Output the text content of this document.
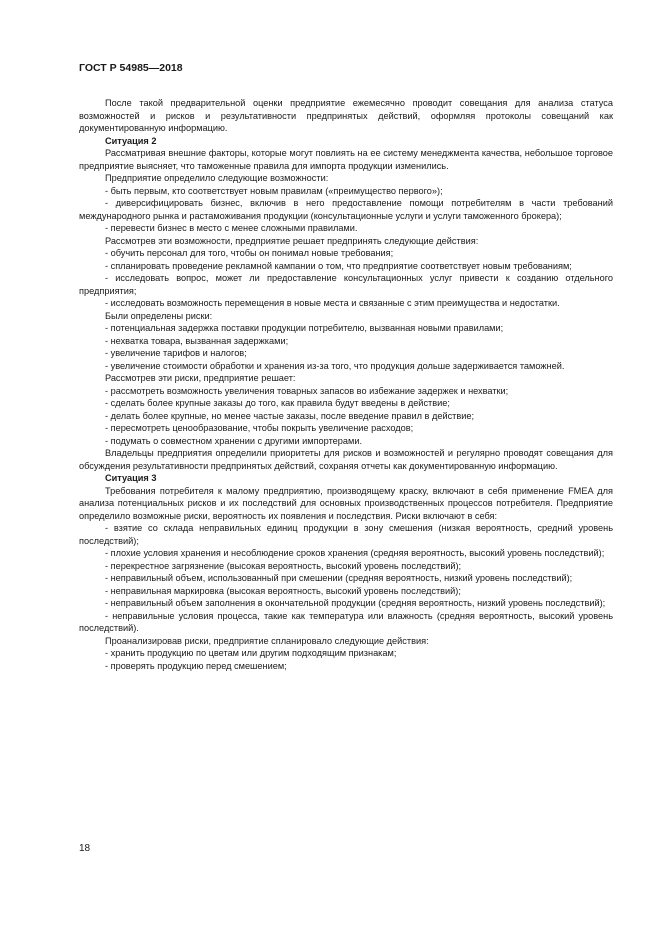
ГОСТ Р 54985—2018

После такой предварительной оценки предприятие ежемесячно проводит совещания для анализа статуса возможностей и рисков и результативности предпринятых действий, оформляя протоколы совещаний как документированную информацию.

Ситуация 2

Рассматривая внешние факторы, которые могут повлиять на ее систему менеджмента качества, небольшое торговое предприятие выясняет, что таможенные правила для импорта продукции изменились.

Предприятие определило следующие возможности:

- быть первым, кто соответствует новым правилам («преимущество первого»);

- диверсифицировать бизнес, включив в него предоставление помощи потребителям в части требований международного рынка и растаможивания продукции (консультационные услуги и услуги таможенного брокера);

- перевести бизнес в место с менее сложными правилами.

Рассмотрев эти возможности, предприятие решает предпринять следующие действия:

- обучить персонал для того, чтобы он понимал новые требования;

- спланировать проведение рекламной кампании о том, что предприятие соответствует новым требованиям;

- исследовать вопрос, может ли предоставление консультационных услуг привести к созданию отдельного предприятия;

- исследовать возможность перемещения в новые места и связанные с этим преимущества и недостатки.

Были определены риски:

- потенциальная задержка поставки продукции потребителю, вызванная новыми правилами;

- нехватка товара, вызванная задержками;

- увеличение тарифов и налогов;

- увеличение стоимости обработки и хранения из-за того, что продукция дольше задерживается таможней.

Рассмотрев эти риски, предприятие решает:

- рассмотреть возможность увеличения товарных запасов во избежание задержек и нехватки;

- сделать более крупные заказы до того, как правила будут введены в действие;

- делать более крупные, но менее частые заказы, после введение правил в действие;

- пересмотреть ценообразование, чтобы покрыть увеличение расходов;

- подумать о совместном хранении с другими импортерами.

Владельцы предприятия определили приоритеты для рисков и возможностей и регулярно проводят совещания для обсуждения результативности предпринятых действий, сохраняя отчеты как документированную информацию.

Ситуация 3

Требования потребителя к малому предприятию, производящему краску, включают в себя применение FMEA для анализа потенциальных рисков и их последствий для основных производственных процессов потребителя. Предприятие определило возможные риски, вероятность их появления и последствия. Риски включают в себя:

- взятие со склада неправильных единиц продукции в зону смешения (низкая вероятность, средний уровень последствий);

- плохие условия хранения и несоблюдение сроков хранения (средняя вероятность, высокий уровень последствий);

- перекрестное загрязнение (высокая вероятность, высокий уровень последствий);

- неправильный объем, использованный при смешении (средняя вероятность, низкий уровень последствий);

- неправильная маркировка (высокая вероятность, высокий уровень последствий);

- неправильный объем заполнения в окончательной продукции (средняя вероятность, низкий уровень последствий);

- неправильные условия процесса, такие как температура или влажность (средняя вероятность, высокий уровень последствий).

Проанализировав риски, предприятие спланировало следующие действия:

- хранить продукцию по цветам или другим подходящим признакам;

- проверять продукцию перед смешением;

18
